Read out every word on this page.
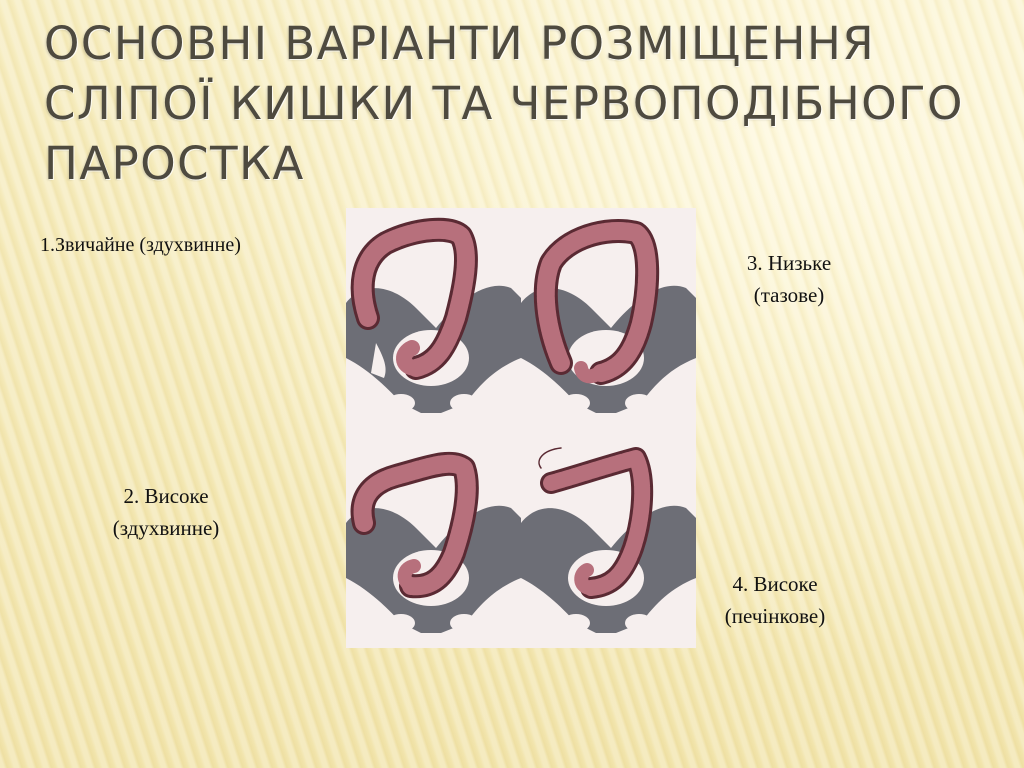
ОСНОВНІ ВАРІАНТИ РОЗМІЩЕННЯ
СЛІПОЇ КИШКИ ТА ЧЕРВОПОДІБНОГО
ПАРОСТКА
1.Звичайне (здухвинне)
2. Високе
(здухвинне)
3. Низьке
(тазове)
4. Високе
(печінкове)
